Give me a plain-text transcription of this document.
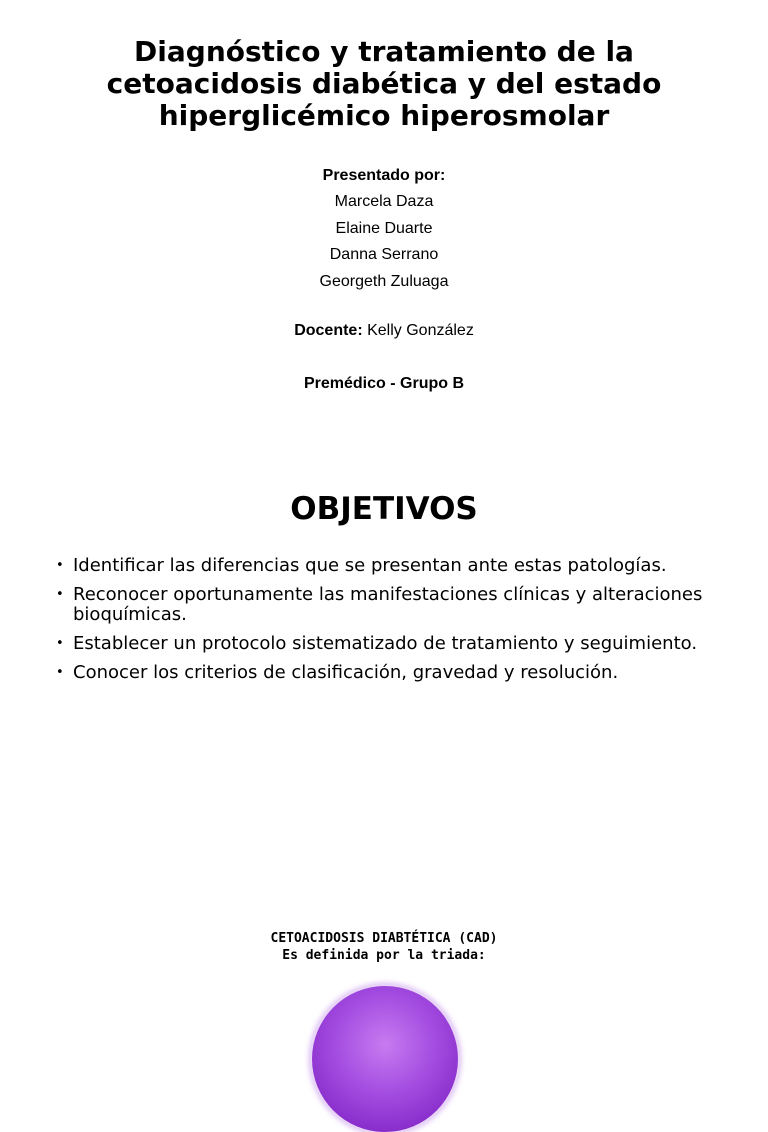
Diagnóstico y tratamiento de la cetoacidosis diabética y del estado hiperglicémico hiperosmolar
Presentado por:
Marcela Daza
Elaine Duarte
Danna Serrano
Georgeth Zuluaga
Docente: Kelly González
Premédico - Grupo B
OBJETIVOS
• Identificar las diferencias que se presentan ante estas patologías.
• Reconocer oportunamente las manifestaciones clínicas y alteraciones bioquímicas.
• Establecer un protocolo sistematizado de tratamiento y seguimiento.
• Conocer los criterios de clasificación, gravedad y resolución.
CETOACIDOSIS DIABTÉTICA (CAD)
Es definida por la triada:
